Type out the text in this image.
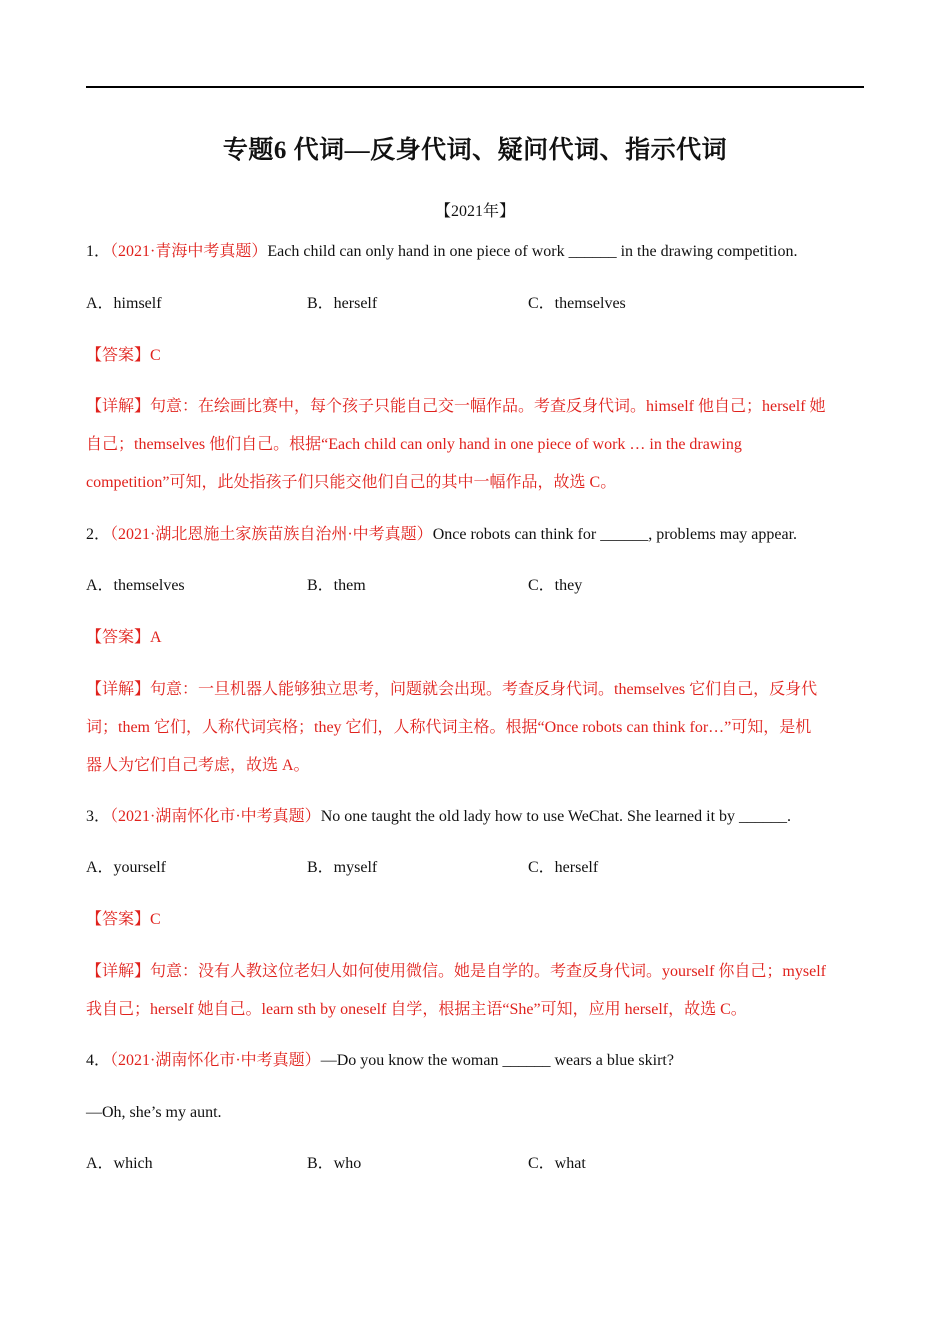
专题6 代词—反身代词、疑问代词、指示代词
【2021年】
1．（2021·青海中考真题）Each child can only hand in one piece of work ______ in the drawing competition.
A．himself	B．herself	C．themselves
【答案】C
【详解】句意：在绘画比赛中，每个孩子只能自己交一幅作品。考查反身代词。himself 他自己；herself 她
自己；themselves 他们自己。根据“Each child can only hand in one piece of work … in the drawing
competition”可知，此处指孩子们只能交他们自己的其中一幅作品，故选 C。
2．（2021·湖北恩施土家族苗族自治州·中考真题）Once robots can think for ______, problems may appear.
A．themselves	B．them	C．they
【答案】A
【详解】句意：一旦机器人能够独立思考，问题就会出现。考查反身代词。themselves 它们自己，反身代
词；them 它们，人称代词宾格；they 它们，人称代词主格。根据“Once robots can think for…”可知，是机
器人为它们自己考虑，故选 A。
3．（2021·湖南怀化市·中考真题）No one taught the old lady how to use WeChat. She learned it by ______.
A．yourself	B．myself	C．herself
【答案】C
【详解】句意：没有人教这位老妇人如何使用微信。她是自学的。考查反身代词。yourself 你自己；myself
我自己；herself 她自己。learn sth by oneself 自学，根据主语“She”可知，应用 herself，故选 C。
4．（2021·湖南怀化市·中考真题）—Do you know the woman ______ wears a blue skirt?
—Oh, she’s my aunt.
A．which	B．who	C．what
